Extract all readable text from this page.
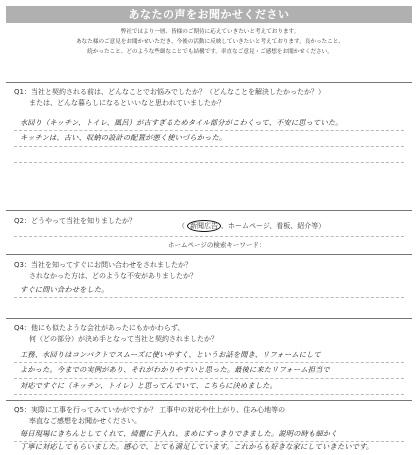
あなたの声をお聞かせください
弊社ではより一層、皆様のご期待に応えていきたいと考えております。
あなた様のご意見をお聞かせいただき、今後の活動に反映していきたいと考えております。良かったこと、
続かったこと、どのような些細なことでも結構です。率直なご意見・ご感想をお聞かせください。
Q1：当社と契約される前は、どんなことでお悩みでしたか？（どんなことを解決したかったか？）
または、どんな暮らしになるといいなと思われていましたか？
水回り（キッチン、トイレ、風呂）が古すぎるためタイル部分がこわくって、不安に思っていた。
キッチンは、古い、収納の設計の配置が悪く使いづらかった。
Q2：どうやって当社を知りましたか？
（ 新聞広告 、ホームページ、看板、紹介等）
ホームページの検索キーワード：
Q3：当社を知ってすぐにお問い合わせをされましたか？
されなかった方は、どのような不安がありましたか？
すぐに問い合わせをした。
Q4：他にも似たような会社があったにもかかわらず、
何（どの部分）が決め手となって当社と契約されましたか？
工務、水回りはコンパクトでスムーズに使いやすく、というお話を聞き、リフォームにして
よかった。今までの実例があり、それがわかりやすいと思った。最後に来たリフォーム担当で
対応ですぐに（キッチン、トイレ）と思ってんでいて、こちらに決めました。
Q5：実際に工事を行ってみていかがですか？ 工事中の対応や仕上がり、住み心地等の
率直なご感想をお聞かせください。
毎日現場にきちんとしてくれて、綺麗に手入れ、まめにすっきりできました。説明の時も細かく
丁寧に対応してもらいました。感心で、とても満足しています。これからも好きな家にしていきたいです。
